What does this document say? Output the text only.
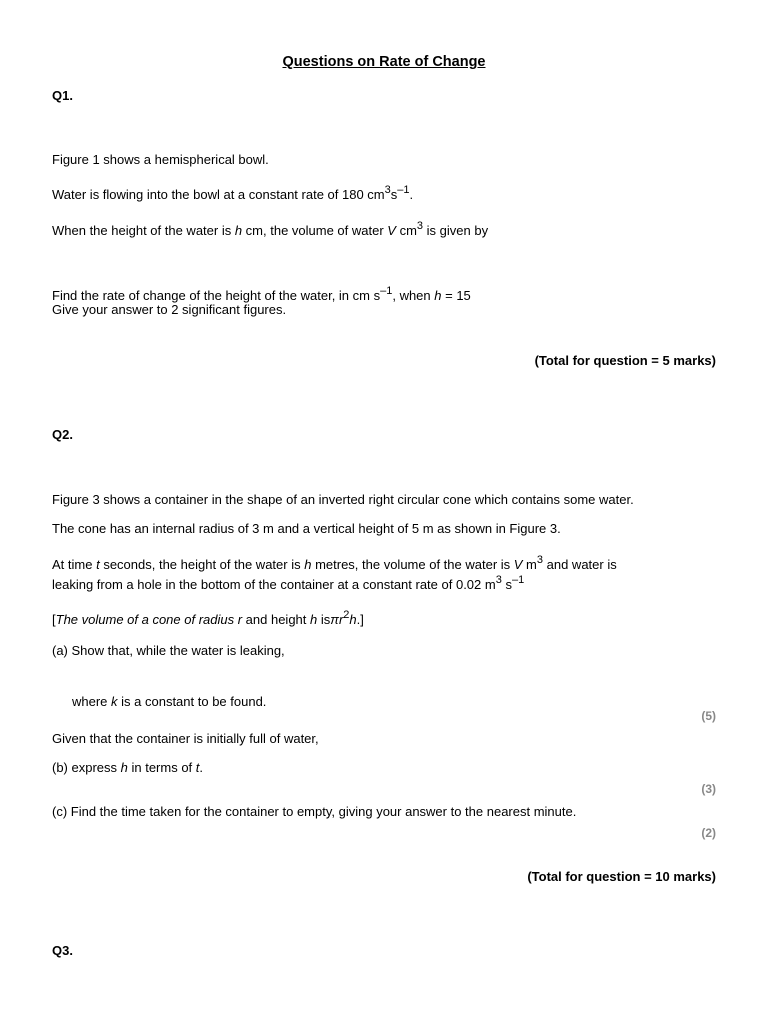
Questions on Rate of Change
Q1.
Figure 1 shows a hemispherical bowl.
Water is flowing into the bowl at a constant rate of 180 $cm^3s^{-1}$.
When the height of the water is h cm, the volume of water V $cm^3$ is given by
Find the rate of change of the height of the water, in cm $s^{-1}$, when h = 15
Give your answer to 2 significant figures.
(Total for question = 5 marks)
Q2.
Figure 3 shows a container in the shape of an inverted right circular cone which contains some water.
The cone has an internal radius of 3 m and a vertical height of 5 m as shown in Figure 3.
At time t seconds, the height of the water is h metres, the volume of the water is V $m^3$ and water is
leaking from a hole in the bottom of the container at a constant rate of 0.02 $m^3$ $s^{-1}$
[The volume of a cone of radius r and height h isπr$^2$h.]
(a) Show that, while the water is leaking,
where k is a constant to be found.
(5)
Given that the container is initially full of water,
(b) express h in terms of t.
(3)
(c) Find the time taken for the container to empty, giving your answer to the nearest minute.
(2)
(Total for question = 10 marks)
Q3.
